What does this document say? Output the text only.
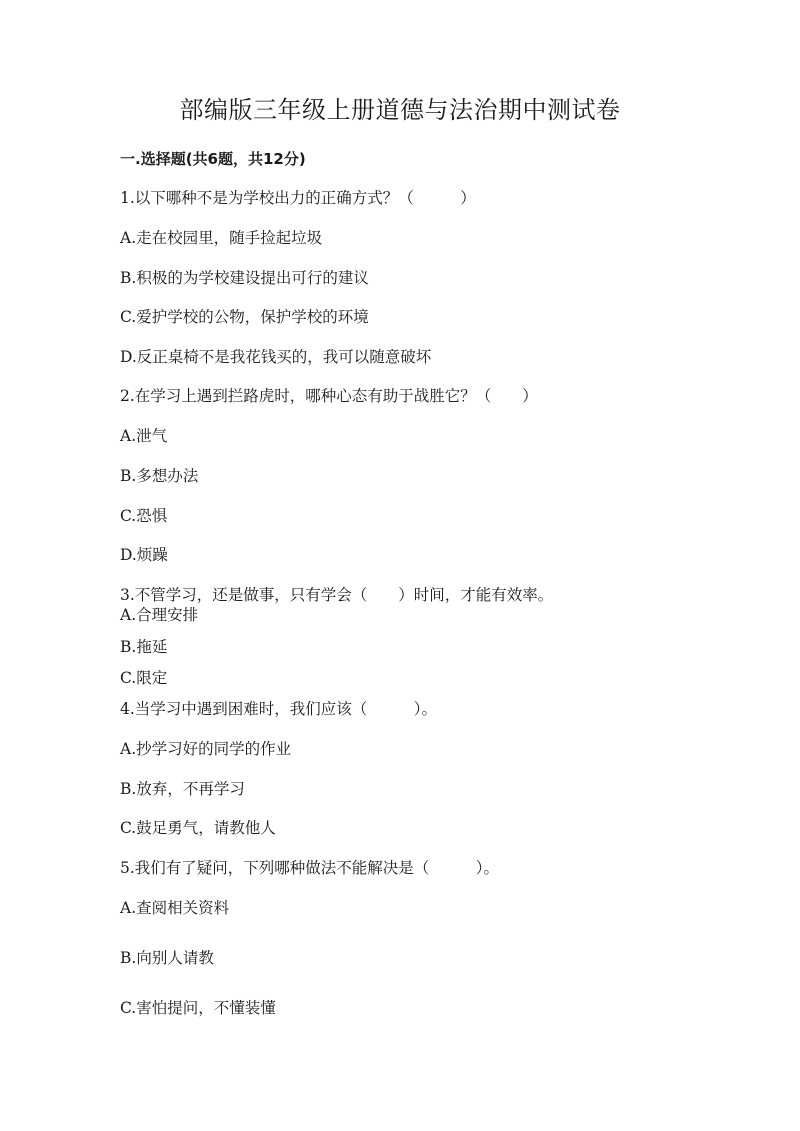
部编版三年级上册道德与法治期中测试卷

一.选择题(共6题，共12分)

1.以下哪种不是为学校出力的正确方式？（　　　）

A.走在校园里，随手捡起垃圾

B.积极的为学校建设提出可行的建议

C.爱护学校的公物，保护学校的环境

D.反正桌椅不是我花钱买的，我可以随意破坏

2.在学习上遇到拦路虎时，哪种心态有助于战胜它？（　　）

A.泄气

B.多想办法

C.恐惧

D.烦躁

3.不管学习，还是做事，只有学会（　　）时间，才能有效率。

A.合理安排

B.拖延

C.限定

4.当学习中遇到困难时，我们应该（　　　）。

A.抄学习好的同学的作业

B.放弃，不再学习

C.鼓足勇气，请教他人

5.我们有了疑问，下列哪种做法不能解决是（　　　）。

A.查阅相关资料

B.向别人请教

C.害怕提问，不懂装懂
